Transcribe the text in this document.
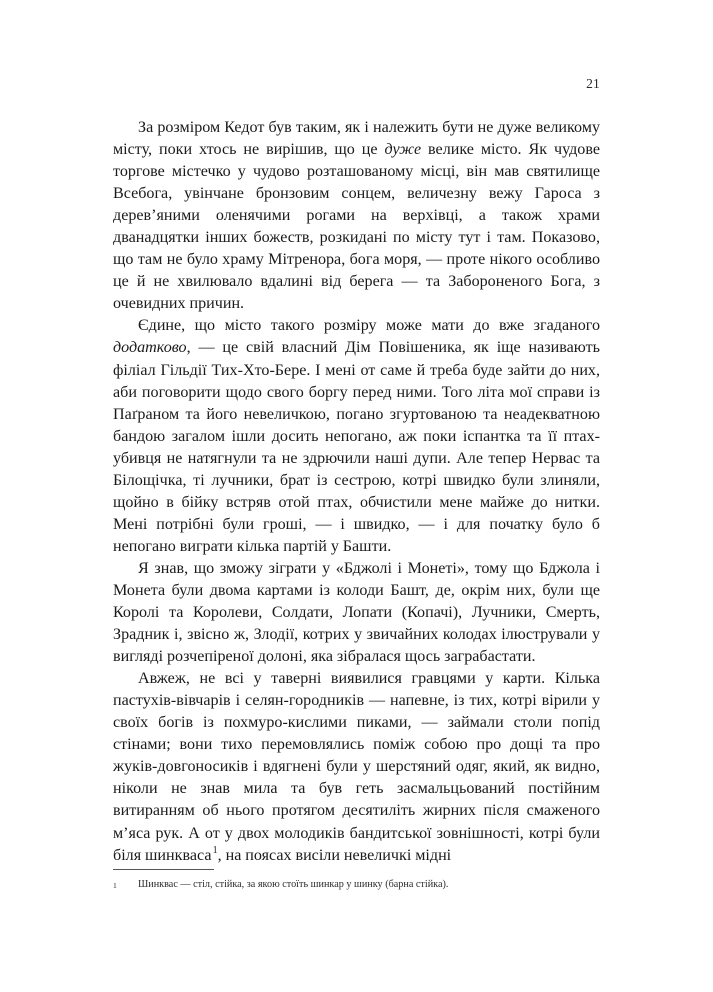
21

За розміром Кедот був таким, як і належить бути не дуже великому місту, поки хтось не вирішив, що це дуже велике місто. Як чудове торгове містечко у чудово розташованому місці, він мав святилище Всебога, увінчане бронзовим сонцем, величезну вежу Гароса з дерев’яними оленячими рогами на верхівці, а також храми дванадцятки інших божеств, розкидані по місту тут і там. Показово, що там не було храму Мітренора, бога моря, — проте нікого особливо це й не хвилювало вдалині від берега — та Забороненого Бога, з очевидних причин.

Єдине, що місто такого розміру може мати до вже згаданого додатково, — це свій власний Дім Повішеника, як іще називають філіал Гільдії Тих-Хто-Бере. І мені от саме й треба буде зайти до них, аби поговорити щодо свого боргу перед ними. Того літа мої справи із Паґраном та його невеличкою, погано згуртованою та неадекватною бандою загалом ішли досить непогано, аж поки іспантка та її птах-убивця не натягнули та не здрючили наші дупи. Але тепер Нервас та Білощічка, ті лучники, брат із сестрою, котрі швидко були злиняли, щойно в бійку встряв отой птах, обчистили мене майже до нитки. Мені потрібні були гроші, — і швидко, — і для початку було б непогано виграти кілька партій у Башти.

Я знав, що зможу зіграти у «Бджолі і Монеті», тому що Бджола і Монета були двома картами із колоди Башт, де, окрім них, були ще Королі та Королеви, Солдати, Лопати (Копачі), Лучники, Смерть, Зрадник і, звісно ж, Злодії, котрих у звичайних колодах ілюстрували у вигляді розчепіреної долоні, яка зібралася щось заграбастати.

Авжеж, не всі у таверні виявилися гравцями у карти. Кілька пастухів-вівчарів і селян-городників — напевне, із тих, котрі вірили у своїх богів із похмуро-кислими пиками, — займали столи попід стінами; вони тихо перемовлялись поміж собою про дощі та про жуків-довгоносиків і вдягнені були у шерстяний одяг, який, як видно, ніколи не знав мила та був геть засмальцьований постійним витиранням об нього протягом десятиліть жирних після смаженого м’яса рук. А от у двох молодиків бандитської зовнішності, котрі були біля шинкваса$^1$, на поясах висіли невеличкі мідні

1	Шинквас — стіл, стійка, за якою стоїть шинкар у шинку (барна стійка).
